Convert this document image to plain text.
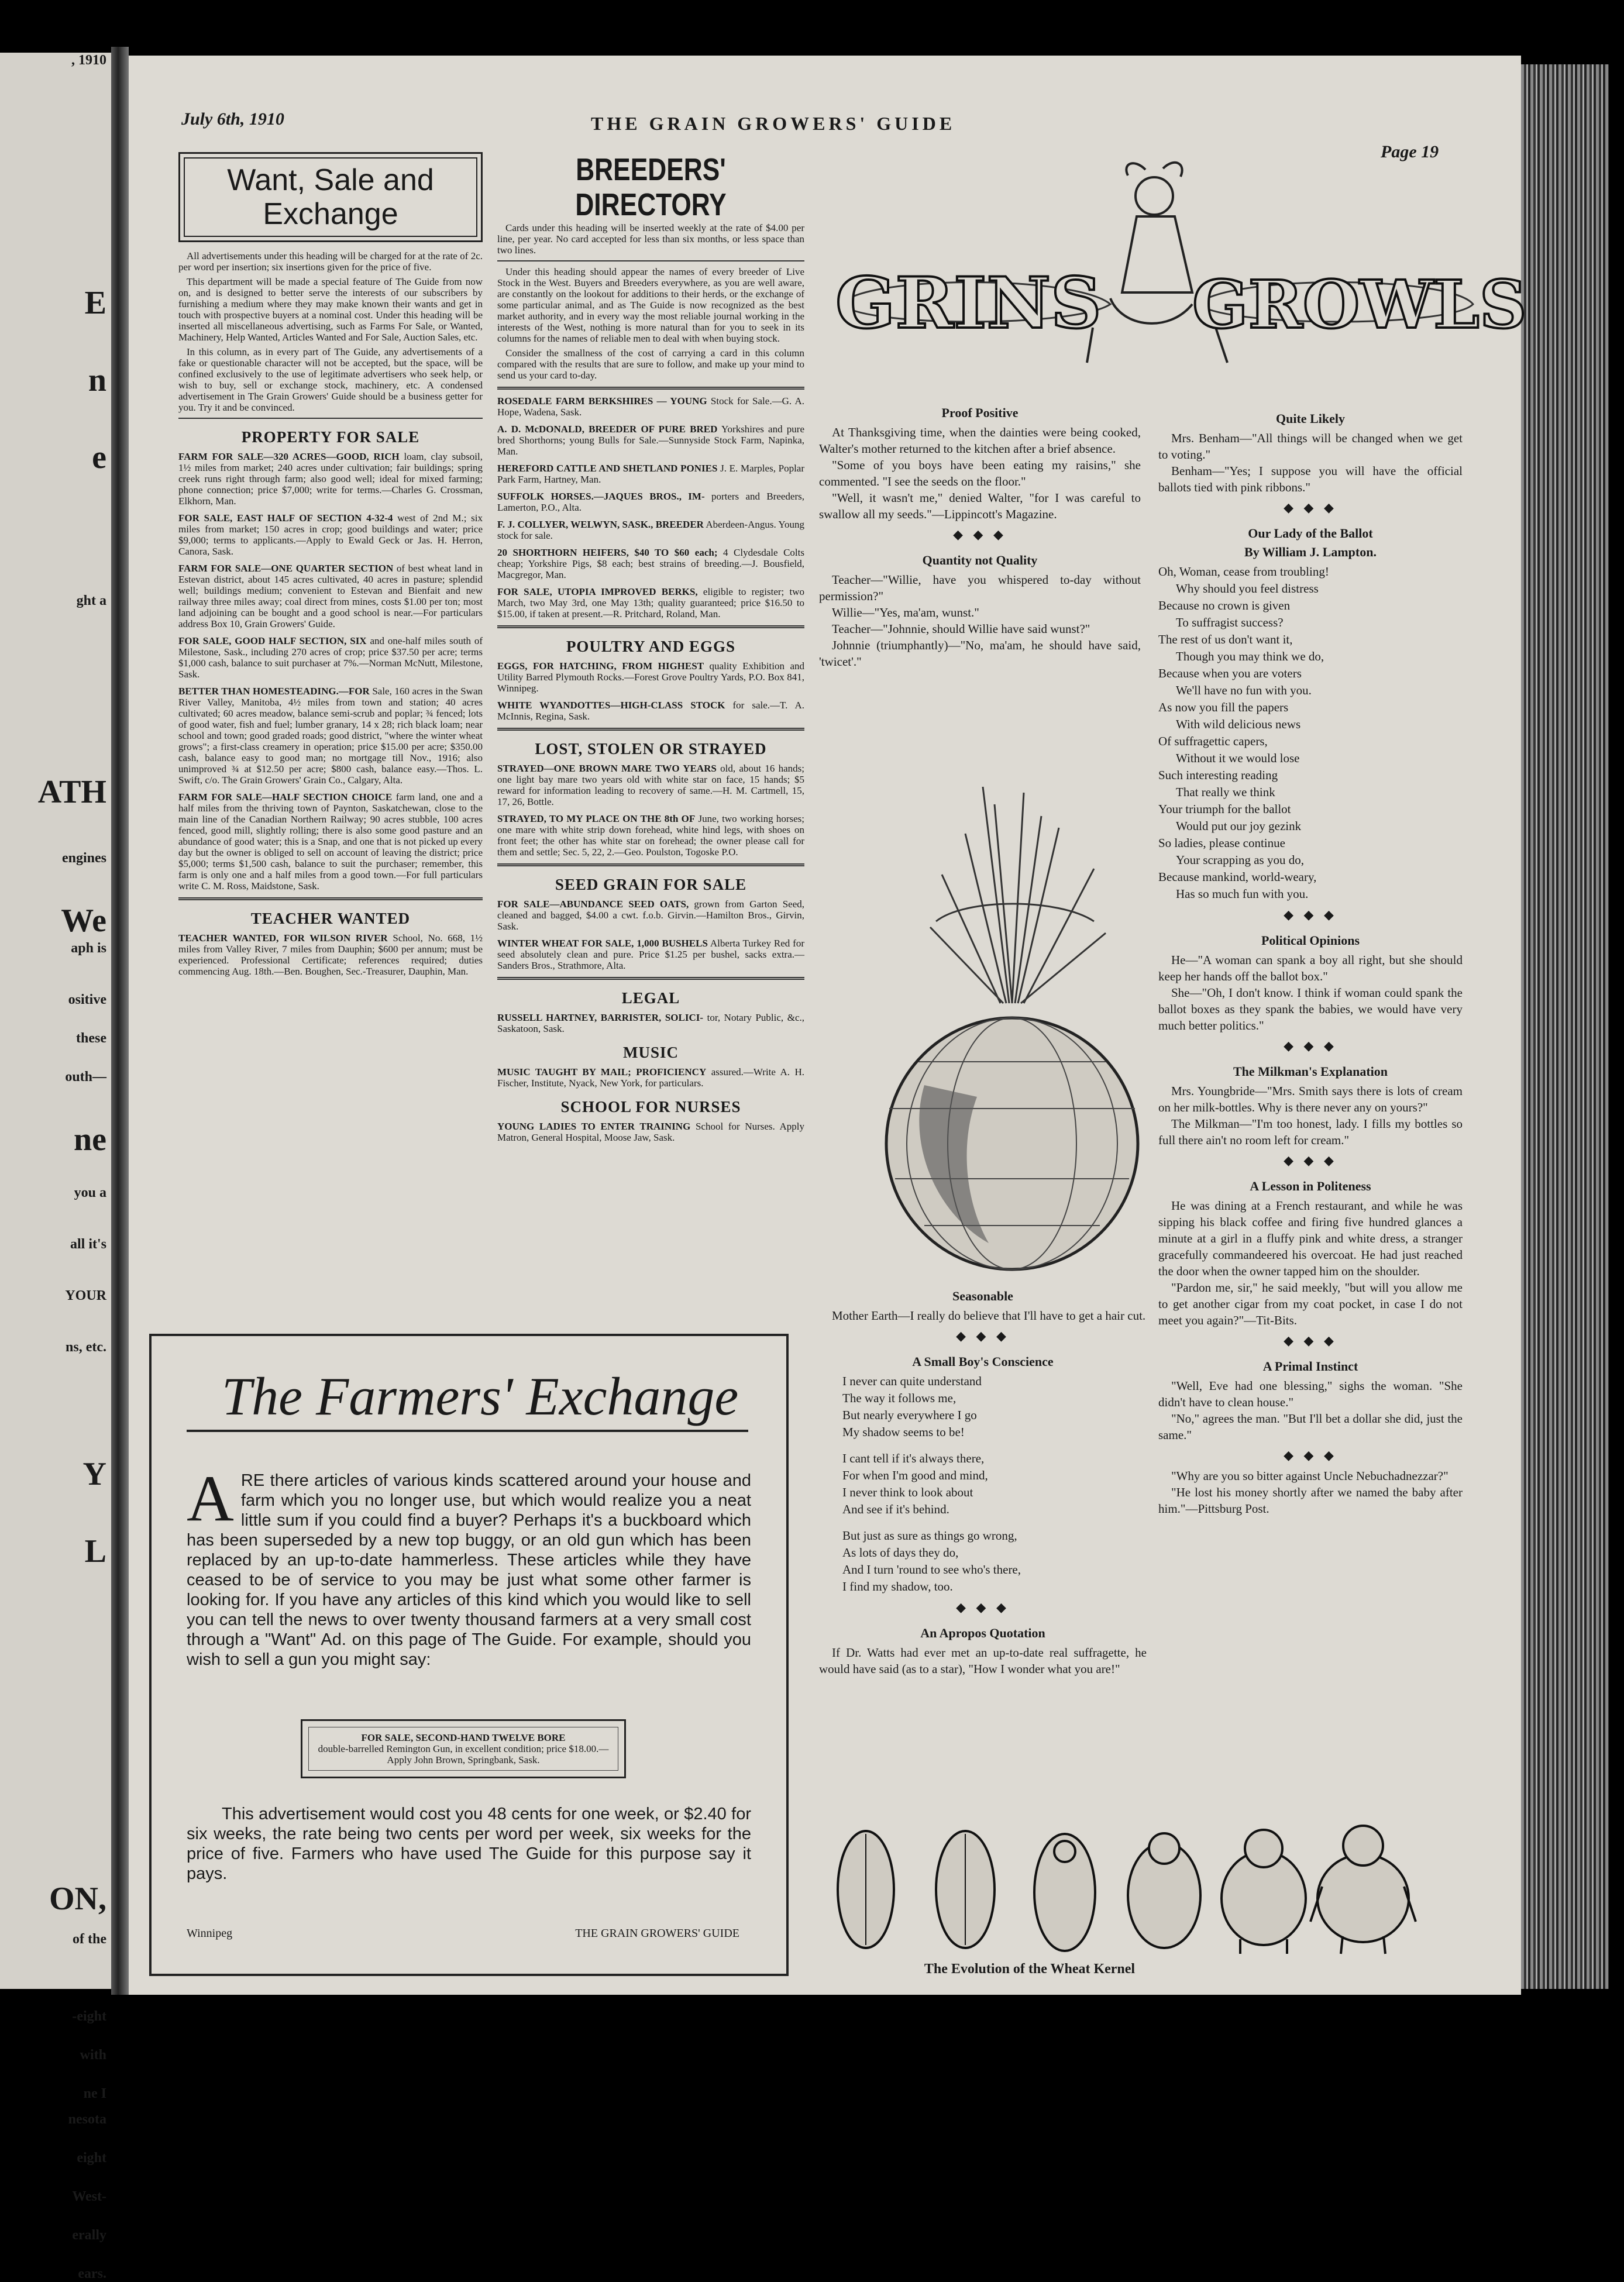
, 1910
E
n
e
ght a
ATH
engines
We
aph is
ositive
these
outh—
ne
you a
all it's
YOUR
ns, etc.
Y
L
ON,
of the
-eight
with
ne I
nesota
eight
West-
erally
ears.
July 6th, 1910	THE GRAIN GROWERS' GUIDE
Page 19
Want, Sale and
Exchange

All advertisements under this heading will be charged for at the rate of 2c. per word per insertion; six insertions given for the price of five.

This department will be made a special feature of The Guide from now on, and is designed to better serve the interests of our subscribers by furnishing a medium where they may make known their wants and get in touch with prospective buyers at a nominal cost. Under this heading will be inserted all miscellaneous advertising, such as Farms For Sale, or Wanted, Machinery, Help Wanted, Articles Wanted and For Sale, Auction Sales, etc.

In this column, as in every part of The Guide, any advertisements of a fake or questionable character will not be accepted, but the space, will be confined exclusively to the use of legitimate advertisers who seek help, or wish to buy, sell or exchange stock, machinery, etc. A condensed advertisement in The Grain Growers' Guide should be a business getter for you. Try it and be convinced.

PROPERTY FOR SALE
FARM FOR SALE—320 ACRES—GOOD, RICH loam, clay subsoil, 1½ miles from market; 240 acres under cultivation; fair buildings; spring creek runs right through farm; also good well; ideal for mixed farming; phone connection; price $7,000; write for terms.—Charles G. Crossman, Elkhorn, Man.
FOR SALE, EAST HALF OF SECTION 4-32-4 west of 2nd M.; six miles from market; 150 acres in crop; good buildings and water; price $9,000; terms to applicants.—Apply to Ewald Geck or Jas. H. Herron, Canora, Sask.
FARM FOR SALE—ONE QUARTER SECTION of best wheat land in Estevan district, about 145 acres cultivated, 40 acres in pasture; splendid well; buildings medium; convenient to Estevan and Bienfait and new railway three miles away; coal direct from mines, costs $1.00 per ton; most land adjoining can be bought and a good school is near.—For particulars address Box 10, Grain Growers' Guide.
FOR SALE, GOOD HALF SECTION, SIX and one-half miles south of Milestone, Sask., including 270 acres of crop; price $37.50 per acre; terms $1,000 cash, balance to suit purchaser at 7%.—Norman McNutt, Milestone, Sask.
BETTER THAN HOMESTEADING.—FOR Sale, 160 acres in the Swan River Valley, Manitoba, 4½ miles from town and station; 40 acres cultivated; 60 acres meadow, balance semi-scrub and poplar; ¾ fenced; lots of good water, fish and fuel; lumber granary, 14 x 28; rich black loam; near school and town; good graded roads; good district, "where the winter wheat grows"; a first-class creamery in operation; price $15.00 per acre; $350.00 cash, balance easy to good man; no mortgage till Nov., 1916; also unimproved ¾ at $12.50 per acre; $800 cash, balance easy.—Thos. L. Swift, c/o. The Grain Growers' Grain Co., Calgary, Alta.
FARM FOR SALE—HALF SECTION CHOICE farm land, one and a half miles from the thriving town of Paynton, Saskatchewan, close to the main line of the Canadian Northern Railway; 90 acres stubble, 100 acres fenced, good mill, slightly rolling; there is also some good pasture and an abundance of good water; this is a Snap, and one that is not picked up every day but the owner is obliged to sell on account of leaving the district; price $5,000; terms $1,500 cash, balance to suit the purchaser; remember, this farm is only one and a half miles from a good town.—For full particulars write C. M. Ross, Maidstone, Sask.
TEACHER WANTED
TEACHER WANTED, FOR WILSON RIVER School, No. 668, 1½ miles from Valley River, 7 miles from Dauphin; $600 per annum; must be experienced. Professional Certificate; references required; duties commencing Aug. 18th.—Ben. Boughen, Sec.-Treasurer, Dauphin, Man.
BREEDERS' DIRECTORY

Cards under this heading will be inserted weekly at the rate of $4.00 per line, per year. No card accepted for less than six months, or less space than two lines.

Under this heading should appear the names of every breeder of Live Stock in the West. Buyers and Breeders everywhere, as you are well aware, are constantly on the lookout for additions to their herds, or the exchange of some particular animal, and as The Guide is now recognized as the best market authority, and in every way the most reliable journal working in the interests of the West, nothing is more natural than for you to seek in its columns for the names of reliable men to deal with when buying stock.

Consider the smallness of the cost of carrying a card in this column compared with the results that are sure to follow, and make up your mind to send us your card to-day.

ROSEDALE FARM BERKSHIRES — YOUNG Stock for Sale.—G. A. Hope, Wadena, Sask.
A. D. McDONALD, BREEDER OF PURE BRED Yorkshires and pure bred Shorthorns; young Bulls for Sale.—Sunnyside Stock Farm, Napinka, Man.
HEREFORD CATTLE AND SHETLAND PONIES J. E. Marples, Poplar Park Farm, Hartney, Man.
SUFFOLK HORSES.—JAQUES BROS., IM- porters and Breeders, Lamerton, P.O., Alta.
F. J. COLLYER, WELWYN, SASK., BREEDER Aberdeen-Angus. Young stock for sale.
20 SHORTHORN HEIFERS, $40 TO $60 each; 4 Clydesdale Colts cheap; Yorkshire Pigs, $8 each; best strains of breeding.—J. Bousfield, Macgregor, Man.
FOR SALE, UTOPIA IMPROVED BERKS, eligible to register; two March, two May 3rd, one May 13th; quality guaranteed; price $16.50 to $15.00, if taken at present.—R. Pritchard, Roland, Man.
POULTRY AND EGGS
EGGS, FOR HATCHING, FROM HIGHEST quality Exhibition and Utility Barred Plymouth Rocks.—Forest Grove Poultry Yards, P.O. Box 841, Winnipeg.
WHITE WYANDOTTES—HIGH-CLASS STOCK for sale.—T. A. McInnis, Regina, Sask.
LOST, STOLEN OR STRAYED
STRAYED—ONE BROWN MARE TWO YEARS old, about 16 hands; one light bay mare two years old with white star on face, 15 hands; $5 reward for information leading to recovery of same.—H. M. Cartmell, 15, 17, 26, Bottle.
STRAYED, TO MY PLACE ON THE 8th OF June, two working horses; one mare with white strip down forehead, white hind legs, with shoes on front feet; the other has white star on forehead; the owner please call for them and settle; Sec. 5, 22, 2.—Geo. Poulston, Togoske P.O.
SEED GRAIN FOR SALE
FOR SALE—ABUNDANCE SEED OATS, grown from Garton Seed, cleaned and bagged, $4.00 a cwt. f.o.b. Girvin.—Hamilton Bros., Girvin, Sask.
WINTER WHEAT FOR SALE, 1,000 BUSHELS Alberta Turkey Red for seed absolutely clean and pure. Price $1.25 per bushel, sacks extra.—Sanders Bros., Strathmore, Alta.
LEGAL
RUSSELL HARTNEY, BARRISTER, SOLICI- tor, Notary Public, &c., Saskatoon, Sask.
MUSIC
MUSIC TAUGHT BY MAIL; PROFICIENCY assured.—Write A. H. Fischer, Institute, Nyack, New York, for particulars.
SCHOOL FOR NURSES
YOUNG LADIES TO ENTER TRAINING School for Nurses. Apply Matron, General Hospital, Moose Jaw, Sask.
The Farmers' Exchange
ARE there articles of various kinds scattered around your house and farm which you no longer use, but which would realize you a neat little sum if you could find a buyer? Perhaps it's a buckboard which has been superseded by a new top buggy, or an old gun which has been replaced by an up-to-date hammerless. These articles while they have ceased to be of service to you may be just what some other farmer is looking for. If you have any articles of this kind which you would like to sell you can tell the news to over twenty thousand farmers at a very small cost through a "Want" Ad. on this page of The Guide. For example, should you wish to sell a gun you might say:
FOR SALE, SECOND-HAND TWELVE BORE
double-barrelled Remington Gun, in excellent condition; price $18.00.—Apply John Brown, Springbank, Sask.
This advertisement would cost you 48 cents for one week, or $2.40 for six weeks, the rate being two cents per word per week, six weeks for the price of five. Farmers who have used The Guide for this purpose say it pays.
Winnipeg	THE GRAIN GROWERS' GUIDE
GRINS GROWLS
Proof Positive

At Thanksgiving time, when the dainties were being cooked, Walter's mother returned to the kitchen after a brief absence.

"Some of you boys have been eating my raisins," she commented. "I see the seeds on the floor."

"Well, it wasn't me," denied Walter, "for I was careful to swallow all my seeds."—Lippincott's Magazine.

◆ ◆ ◆
Quantity not Quality

Teacher—"Willie, have you whispered to-day without permission?"

Willie—"Yes, ma'am, wunst."

Teacher—"Johnnie, should Willie have said wunst?"

Johnnie (triumphantly)—"No, ma'am, he should have said, 'twicet'."

Seasonable

Mother Earth—I really do believe that I'll have to get a hair cut.

◆ ◆ ◆
A Small Boy's Conscience
I never can quite understand
The way it follows me,
But nearly everywhere I go
My shadow seems to be!
I cant tell if it's always there,
For when I'm good and mind,
I never think to look about
And see if it's behind.
But just as sure as things go wrong,
As lots of days they do,
And I turn 'round to see who's there,
I find my shadow, too.
◆ ◆ ◆
An Apropos Quotation

If Dr. Watts had ever met an up-to-date real suffragette, he would have said (as to a star), "How I wonder what you are!"

Quite Likely

Mrs. Benham—"All things will be changed when we get to voting."

Benham—"Yes; I suppose you will have the official ballots tied with pink ribbons."

◆ ◆ ◆
Our Lady of the Ballot
By William J. Lampton.
Oh, Woman, cease from troubling!
Why should you feel distress
Because no crown is given
To suffragist success?
The rest of us don't want it,
Though you may think we do,
Because when you are voters
We'll have no fun with you.
As now you fill the papers
With wild delicious news
Of suffragettic capers,
Without it we would lose
Such interesting reading
That really we think
Your triumph for the ballot
Would put our joy gezink
So ladies, please continue
Your scrapping as you do,
Because mankind, world-weary,
Has so much fun with you.
◆ ◆ ◆
Political Opinions

He—"A woman can spank a boy all right, but she should keep her hands off the ballot box."

She—"Oh, I don't know. I think if woman could spank the ballot boxes as they spank the babies, we would have very much better politics."

◆ ◆ ◆
The Milkman's Explanation

Mrs. Youngbride—"Mrs. Smith says there is lots of cream on her milk-bottles. Why is there never any on yours?"

The Milkman—"I'm too honest, lady. I fills my bottles so full there ain't no room left for cream."

◆ ◆ ◆
A Lesson in Politeness

He was dining at a French restaurant, and while he was sipping his black coffee and firing five hundred glances a minute at a girl in a fluffy pink and white dress, a stranger gracefully commandeered his overcoat. He had just reached the door when the owner tapped him on the shoulder.

"Pardon me, sir," he said meekly, "but will you allow me to get another cigar from my coat pocket, in case I do not meet you again?"—Tit-Bits.

◆ ◆ ◆
A Primal Instinct

"Well, Eve had one blessing," sighs the woman. "She didn't have to clean house."

"No," agrees the man. "But I'll bet a dollar she did, just the same."

◆ ◆ ◆

"Why are you so bitter against Uncle Nebuchadnezzar?"

"He lost his money shortly after we named the baby after him."—Pittsburg Post.

The Evolution of the Wheat Kernel
